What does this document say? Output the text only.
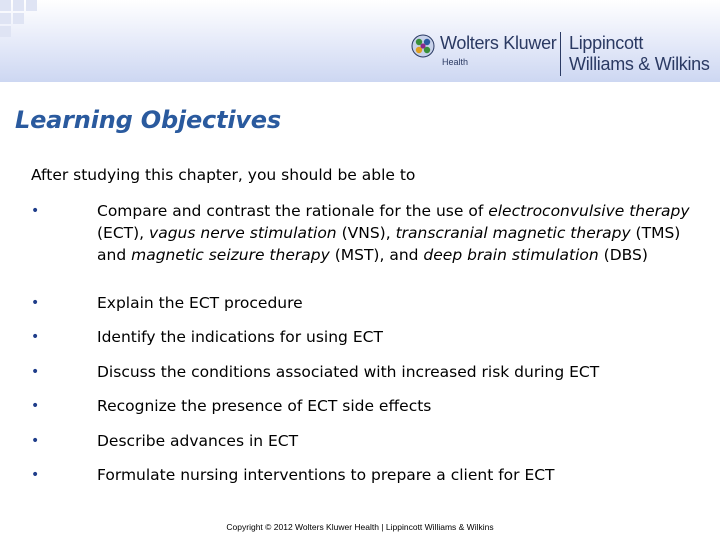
Wolters Kluwer
Health
Lippincott
Williams & Wilkins
Learning Objectives
After studying this chapter, you should be able to
•	Compare and contrast the rationale for the use of electroconvulsive therapy (ECT), vagus nerve stimulation (VNS), transcranial magnetic therapy (TMS) and magnetic seizure therapy (MST), and deep brain stimulation (DBS)
•	Explain the ECT procedure
•	Identify the indications for using ECT
•	Discuss the conditions associated with increased risk during ECT
•	Recognize the presence of ECT side effects
•	Describe advances in ECT
•	Formulate nursing interventions to prepare a client for ECT
Copyright © 2012 Wolters Kluwer Health | Lippincott Williams & Wilkins
